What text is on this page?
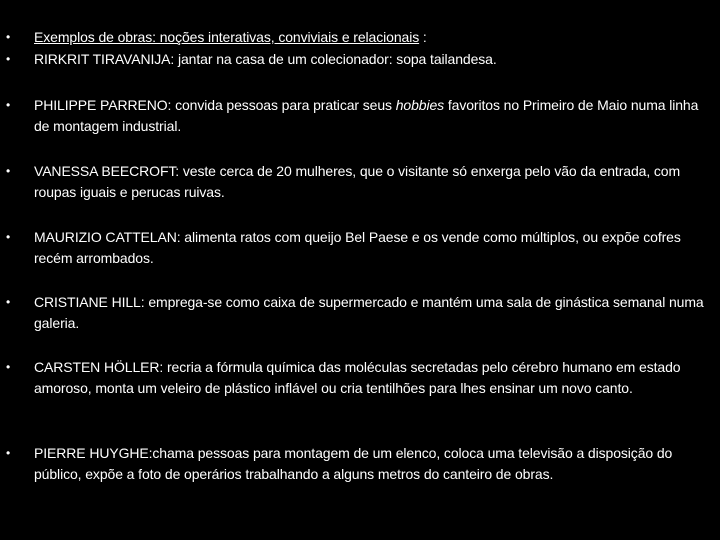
• Exemplos de obras: noções interativas, conviviais e relacionais :
• RIRKRIT TIRAVANIJA: jantar na casa de um colecionador: sopa tailandesa.
• PHILIPPE PARRENO: convida pessoas para praticar seus hobbies favoritos no Primeiro de Maio numa linha de montagem industrial.
• VANESSA BEECROFT: veste cerca de 20 mulheres, que o visitante só enxerga pelo vão da entrada, com roupas iguais e perucas ruivas.
• MAURIZIO CATTELAN: alimenta ratos com queijo Bel Paese e os vende como múltiplos, ou expõe cofres recém arrombados.
• CRISTIANE HILL: emprega-se como caixa de supermercado e mantém uma sala de ginástica semanal numa galeria.
• CARSTEN HÖLLER: recria a fórmula química das moléculas secretadas pelo cérebro humano em estado amoroso, monta um veleiro de plástico inflável ou cria tentilhões para lhes ensinar um novo canto.
• PIERRE HUYGHE:chama pessoas para montagem de um elenco, coloca uma televisão a disposição do público, expõe a foto de operários trabalhando a alguns metros do canteiro de obras.
